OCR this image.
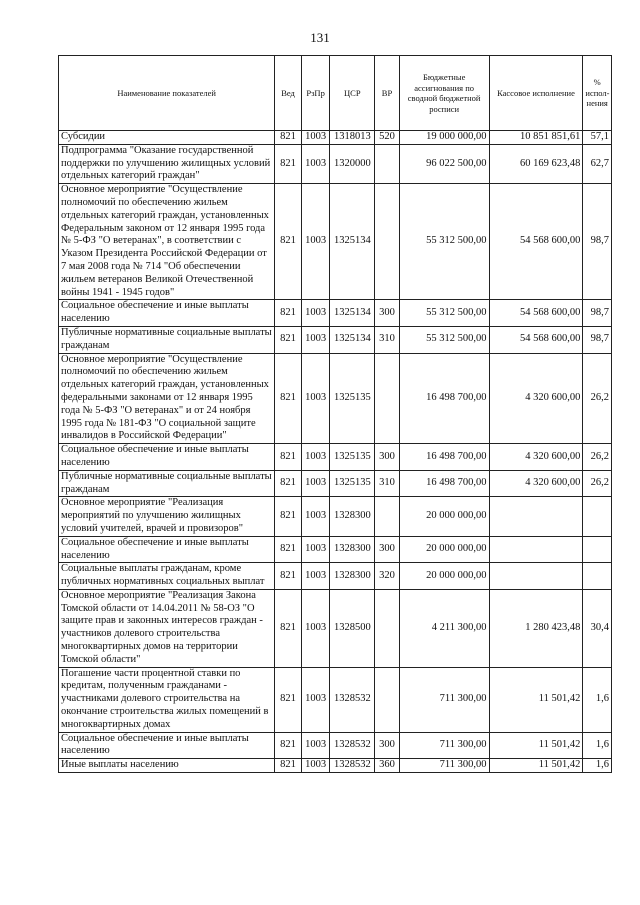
131
Наименование показателей	Вед	РзПр	ЦСР	ВР	Бюджетные ассигнования по сводной бюджетной росписи	Кассовое исполнение	% испол-нения
Субсидии	821	1003	1318013	520	19 000 000,00	10 851 851,61	57,1
Подпрограмма "Оказание государственной поддержки по улучшению жилищных условий отдельных категорий граждан"	821	1003	1320000		96 022 500,00	60 169 623,48	62,7
Основное мероприятие "Осуществление полномочий по обеспечению жильем отдельных категорий граждан, установленных Федеральным законом от 12 января 1995 года № 5-ФЗ "О ветеранах", в соответствии с Указом Президента Российской Федерации от 7 мая 2008 года № 714 "Об обеспечении жильем ветеранов Великой Отечественной войны 1941 - 1945 годов"	821	1003	1325134		55 312 500,00	54 568 600,00	98,7
Социальное обеспечение и иные выплаты населению	821	1003	1325134	300	55 312 500,00	54 568 600,00	98,7
Публичные нормативные социальные выплаты гражданам	821	1003	1325134	310	55 312 500,00	54 568 600,00	98,7
Основное мероприятие "Осуществление полномочий по обеспечению жильем отдельных категорий граждан, установленных федеральными законами от 12 января 1995 года № 5-ФЗ "О ветеранах" и от 24 ноября 1995 года № 181-ФЗ "О социальной защите инвалидов в Российской Федерации"	821	1003	1325135		16 498 700,00	4 320 600,00	26,2
Социальное обеспечение и иные выплаты населению	821	1003	1325135	300	16 498 700,00	4 320 600,00	26,2
Публичные нормативные социальные выплаты гражданам	821	1003	1325135	310	16 498 700,00	4 320 600,00	26,2
Основное мероприятие "Реализация мероприятий по улучшению жилищных условий учителей, врачей и провизоров"	821	1003	1328300		20 000 000,00		
Социальное обеспечение и иные выплаты населению	821	1003	1328300	300	20 000 000,00		
Социальные выплаты гражданам, кроме публичных нормативных социальных выплат	821	1003	1328300	320	20 000 000,00		
Основное мероприятие "Реализация Закона Томской области от 14.04.2011 № 58-ОЗ "О защите прав и законных интересов граждан - участников долевого строительства многоквартирных домов на территории Томской области"	821	1003	1328500		4 211 300,00	1 280 423,48	30,4
Погашение части процентной ставки по кредитам, полученным гражданами - участниками долевого строительства на окончание строительства жилых помещений в многоквартирных домах	821	1003	1328532		711 300,00	11 501,42	1,6
Социальное обеспечение и иные выплаты населению	821	1003	1328532	300	711 300,00	11 501,42	1,6
Иные выплаты населению	821	1003	1328532	360	711 300,00	11 501,42	1,6
